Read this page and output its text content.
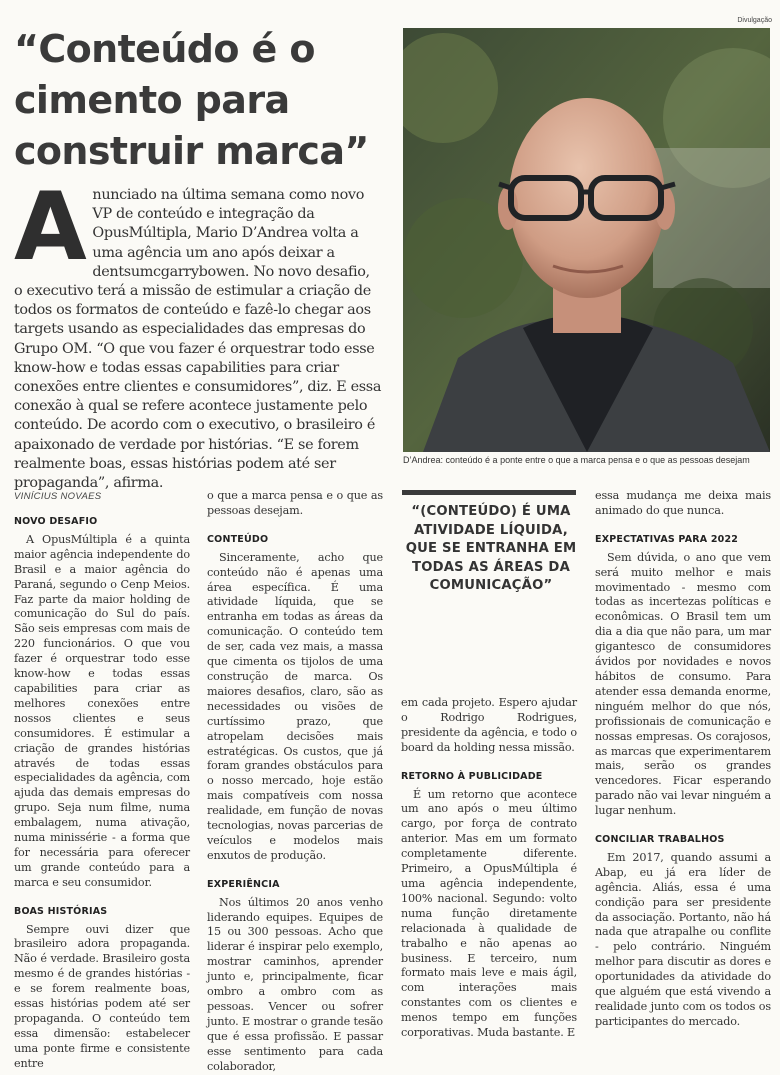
Divulgação
“Conteúdo é o cimento para construir marca”

Anunciado na última semana como novo VP de conteúdo e integração da OpusMúltipla, Mario D’Andrea volta a uma agência um ano após deixar a dentsumcgarrybowen. No novo desafio, o executivo terá a missão de estimular a criação de todos os formatos de conteúdo e fazê-lo chegar aos targets usando as especialidades das empresas do Grupo OM. “O que vou fazer é orquestrar todo esse know-how e todas essas capabilities para criar conexões entre clientes e consumidores”, diz. E essa conexão à qual se refere acontece justamente pelo conteúdo. De acordo com o executivo, o brasileiro é apaixonado de verdade por histórias. “E se forem realmente boas, essas histórias podem até ser propaganda”, afirma.

D’Andrea: conteúdo é a ponte entre o que a marca pensa e o que as pessoas desejam
VINÍCIUS NOVAES
NOVO DESAFIO

A OpusMúltipla é a quinta maior agência independente do Brasil e a maior agência do Paraná, segundo o Cenp Meios. Faz parte da maior holding de comunicação do Sul do país. São seis empresas com mais de 220 funcionários. O que vou fazer é orquestrar todo esse know-how e todas essas capabilities para criar as melhores conexões entre nossos clientes e seus consumidores. É estimular a criação de grandes histórias através de todas essas especialidades da agência, com ajuda das demais empresas do grupo. Seja num filme, numa embalagem, numa ativação, numa minissérie - a forma que for necessária para oferecer um grande conteúdo para a marca e seu consumidor.

BOAS HISTÓRIAS

Sempre ouvi dizer que brasileiro adora propaganda. Não é verdade. Brasileiro gosta mesmo é de grandes histórias - e se forem realmente boas, essas histórias podem até ser propaganda. O conteúdo tem essa dimensão: estabelecer uma ponte firme e consistente entre

o que a marca pensa e o que as pessoas desejam.

CONTEÚDO

Sinceramente, acho que conteúdo não é apenas uma área específica. É uma atividade líquida, que se entranha em todas as áreas da comunicação. O conteúdo tem de ser, cada vez mais, a massa que cimenta os tijolos de uma construção de marca. Os maiores desafios, claro, são as necessidades ou visões de curtíssimo prazo, que atropelam decisões mais estratégicas. Os custos, que já foram grandes obstáculos para o nosso mercado, hoje estão mais compatíveis com nossa realidade, em função de novas tecnologias, novas parcerias de veículos e modelos mais enxutos de produção.

EXPERIÊNCIA

Nos últimos 20 anos venho liderando equipes. Equipes de 15 ou 300 pessoas. Acho que liderar é inspirar pelo exemplo, mostrar caminhos, aprender junto e, principalmente, ficar ombro a ombro com as pessoas. Vencer ou sofrer junto. E mostrar o grande tesão que é essa profissão. E passar esse sentimento para cada colaborador,

“(CONTEÚDO) É UMA ATIVIDADE LÍQUIDA, QUE SE ENTRANHA EM TODAS AS ÁREAS DA COMUNICAÇÃO”

em cada projeto. Espero ajudar o Rodrigo Rodrigues, presidente da agência, e todo o board da holding nessa missão.

RETORNO À PUBLICIDADE

É um retorno que acontece um ano após o meu último cargo, por força de contrato anterior. Mas em um formato completamente diferente. Primeiro, a OpusMúltipla é uma agência independente, 100% nacional. Segundo: volto numa função diretamente relacionada à qualidade de trabalho e não apenas ao business. E terceiro, num formato mais leve e mais ágil, com interações mais constantes com os clientes e menos tempo em funções corporativas. Muda bastante. E

essa mudança me deixa mais animado do que nunca.

EXPECTATIVAS PARA 2022

Sem dúvida, o ano que vem será muito melhor e mais movimentado - mesmo com todas as incertezas políticas e econômicas. O Brasil tem um dia a dia que não para, um mar gigantesco de consumidores ávidos por novidades e novos hábitos de consumo. Para atender essa demanda enorme, ninguém melhor do que nós, profissionais de comunicação e nossas empresas. Os corajosos, as marcas que experimentarem mais, serão os grandes vencedores. Ficar esperando parado não vai levar ninguém a lugar nenhum.

CONCILIAR TRABALHOS

Em 2017, quando assumi a Abap, eu já era líder de agência. Aliás, essa é uma condição para ser presidente da associação. Portanto, não há nada que atrapalhe ou conflite - pelo contrário. Ninguém melhor para discutir as dores e oportunidades da atividade do que alguém que está vivendo a realidade junto com os todos os participantes do mercado.
